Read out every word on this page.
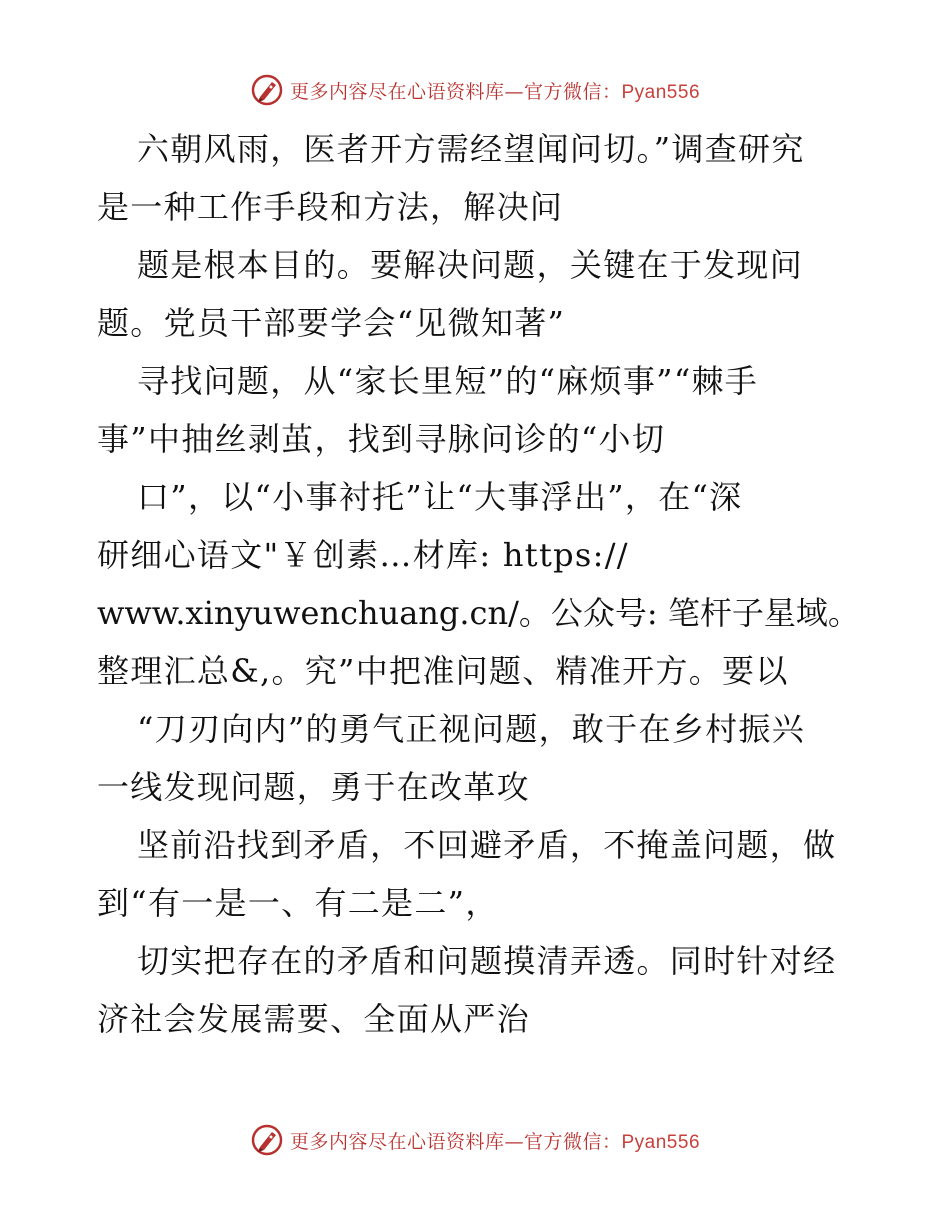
更多内容尽在心语资料库—官方微信：Pyan556
六朝风雨，医者开方需经望闻问切。”调查研究
是一种工作手段和方法，解决问
题是根本目的。要解决问题，关键在于发现问
题。党员干部要学会“见微知著”
寻找问题，从“家长里短”的“麻烦事”“棘手
事”中抽丝剥茧，找到寻脉问诊的“小切
口”，以“小事衬托”让“大事浮出”，在“深
研细心语文"￥创素…材库: https://
www.xinyuwenchuang.cn/。公众号: 笔杆子星域。
整理汇总&,。究”中把准问题、精准开方。要以
“刀刃向内”的勇气正视问题，敢于在乡村振兴
一线发现问题，勇于在改革攻
坚前沿找到矛盾，不回避矛盾，不掩盖问题，做
到“有一是一、有二是二”，
切实把存在的矛盾和问题摸清弄透。同时针对经
济社会发展需要、全面从严治
更多内容尽在心语资料库—官方微信：Pyan556
